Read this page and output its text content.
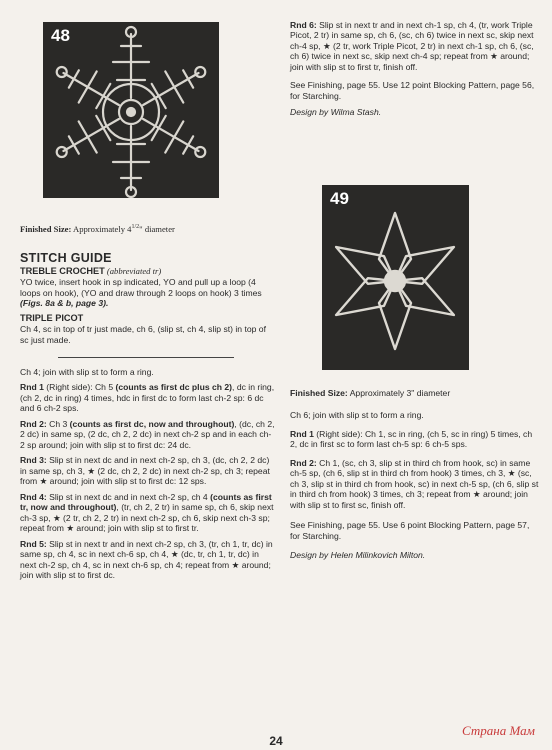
48

Finished Size: Approximately $4^{1/2}$" diameter

STITCH GUIDE

TREBLE CROCHET (abbreviated tr)

YO twice, insert hook in sp indicated, YO and pull up a loop (4 loops on hook), (YO and draw through 2 loops on hook) 3 times (Figs. 8a & b, page 3).

TRIPLE PICOT

Ch 4, sc in top of tr just made, ch 6, (slip st, ch 4, slip st) in top of sc just made.

Ch 4; join with slip st to form a ring.

Rnd 1 (Right side): Ch 5 (counts as first dc plus ch 2), dc in ring, (ch 2, dc in ring) 4 times, hdc in first dc to form last ch-2 sp: 6 dc and 6 ch-2 sps.

Rnd 2: Ch 3 (counts as first dc, now and throughout), (dc, ch 2, 2 dc) in same sp, (2 dc, ch 2, 2 dc) in next ch-2 sp and in each ch-2 sp around; join with slip st to first dc: 24 dc.

Rnd 3: Slip st in next dc and in next ch-2 sp, ch 3, (dc, ch 2, 2 dc) in same sp, ch 3, ★ (2 dc, ch 2, 2 dc) in next ch-2 sp, ch 3; repeat from ★ around; join with slip st to first dc: 12 sps.

Rnd 4: Slip st in next dc and in next ch-2 sp, ch 4 (counts as first tr, now and throughout), (tr, ch 2, 2 tr) in same sp, ch 6, skip next ch-3 sp, ★ (2 tr, ch 2, 2 tr) in next ch-2 sp, ch 6, skip next ch-3 sp; repeat from ★ around; join with slip st to first tr.

Rnd 5: Slip st in next tr and in next ch-2 sp, ch 3, (tr, ch 1, tr, dc) in same sp, ch 4, sc in next ch-6 sp, ch 4, ★ (dc, tr, ch 1, tr, dc) in next ch-2 sp, ch 4, sc in next ch-6 sp, ch 4; repeat from ★ around; join with slip st to first dc.

Rnd 6: Slip st in next tr and in next ch-1 sp, ch 4, (tr, work Triple Picot, 2 tr) in same sp, ch 6, (sc, ch 6) twice in next sc, skip next ch-4 sp, ★ (2 tr, work Triple Picot, 2 tr) in next ch-1 sp, ch 6, (sc, ch 6) twice in next sc, skip next ch-4 sp; repeat from ★ around; join with slip st to first tr, finish off.

See Finishing, page 55. Use 12 point Blocking Pattern, page 56, for Starching.

Design by Wilma Stash.

49

Finished Size: Approximately 3" diameter

Ch 6; join with slip st to form a ring.

Rnd 1 (Right side): Ch 1, sc in ring, (ch 5, sc in ring) 5 times, ch 2, dc in first sc to form last ch-5 sp: 6 ch-5 sps.

Rnd 2: Ch 1, (sc, ch 3, slip st in third ch from hook, sc) in same ch-5 sp, (ch 6, slip st in third ch from hook) 3 times, ch 3, ★ (sc, ch 3, slip st in third ch from hook, sc) in next ch-5 sp, (ch 6, slip st in third ch from hook) 3 times, ch 3; repeat from ★ around; join with slip st to first sc, finish off.

See Finishing, page 55. Use 6 point Blocking Pattern, page 57, for Starching.

Design by Helen Milinkovich Milton.

24
Страна Мам
